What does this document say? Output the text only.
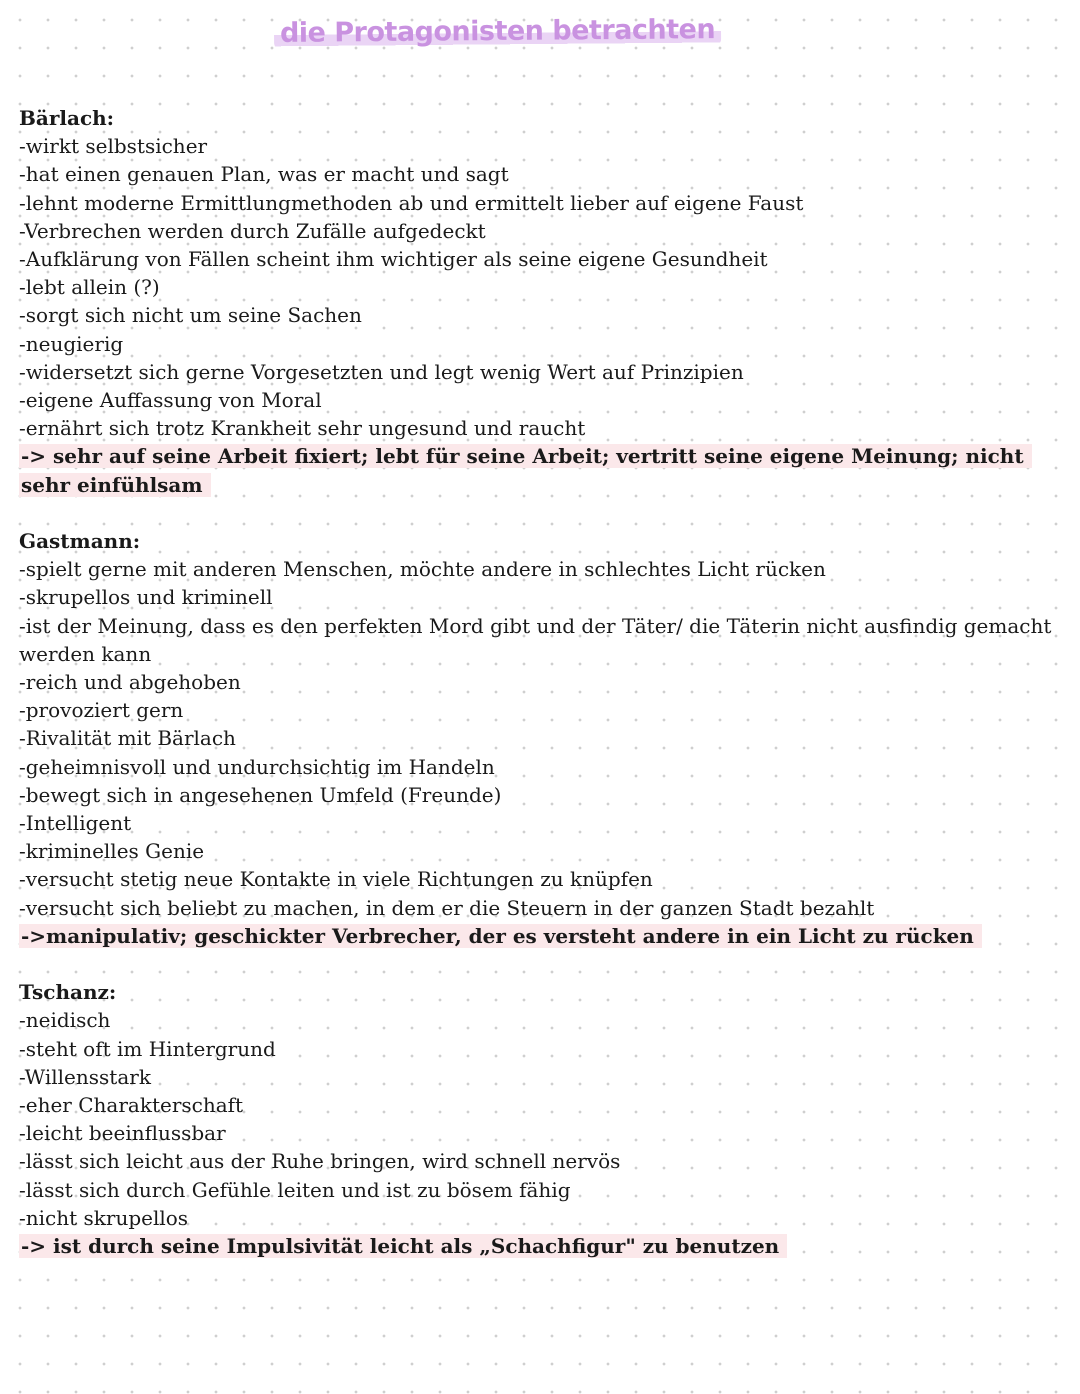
die Protagonisten betrachten

Bärlach:

-wirkt selbstsicher

-hat einen genauen Plan, was er macht und sagt

-lehnt moderne Ermittlungmethoden ab und ermittelt lieber auf eigene Faust

-Verbrechen werden durch Zufälle aufgedeckt

-Aufklärung von Fällen scheint ihm wichtiger als seine eigene Gesundheit

-lebt allein (?)

-sorgt sich nicht um seine Sachen

-neugierig

-widersetzt sich gerne Vorgesetzten und legt wenig Wert auf Prinzipien

-eigene Auffassung von Moral

-ernährt sich trotz Krankheit sehr ungesund und raucht

-> sehr auf seine Arbeit fixiert; lebt für seine Arbeit; vertritt seine eigene Meinung; nicht sehr einfühlsam

Gastmann:

-spielt gerne mit anderen Menschen, möchte andere in schlechtes Licht rücken

-skrupellos und kriminell

-ist der Meinung, dass es den perfekten Mord gibt und der Täter/ die Täterin nicht ausfindig gemacht werden kann

-reich und abgehoben

-provoziert gern

-Rivalität mit Bärlach

-geheimnisvoll und undurchsichtig im Handeln

-bewegt sich in angesehenen Umfeld (Freunde)

-Intelligent

-kriminelles Genie

-versucht stetig neue Kontakte in viele Richtungen zu knüpfen

-versucht sich beliebt zu machen, in dem er die Steuern in der ganzen Stadt bezahlt

->manipulativ; geschickter Verbrecher, der es versteht andere in ein Licht zu rücken

Tschanz:

-neidisch

-steht oft im Hintergrund

-Willensstark

-eher Charakterschaft

-leicht beeinflussbar

-lässt sich leicht aus der Ruhe bringen, wird schnell nervös

-lässt sich durch Gefühle leiten und ist zu bösem fähig

-nicht skrupellos

-> ist durch seine Impulsivität leicht als „Schachfigur" zu benutzen
